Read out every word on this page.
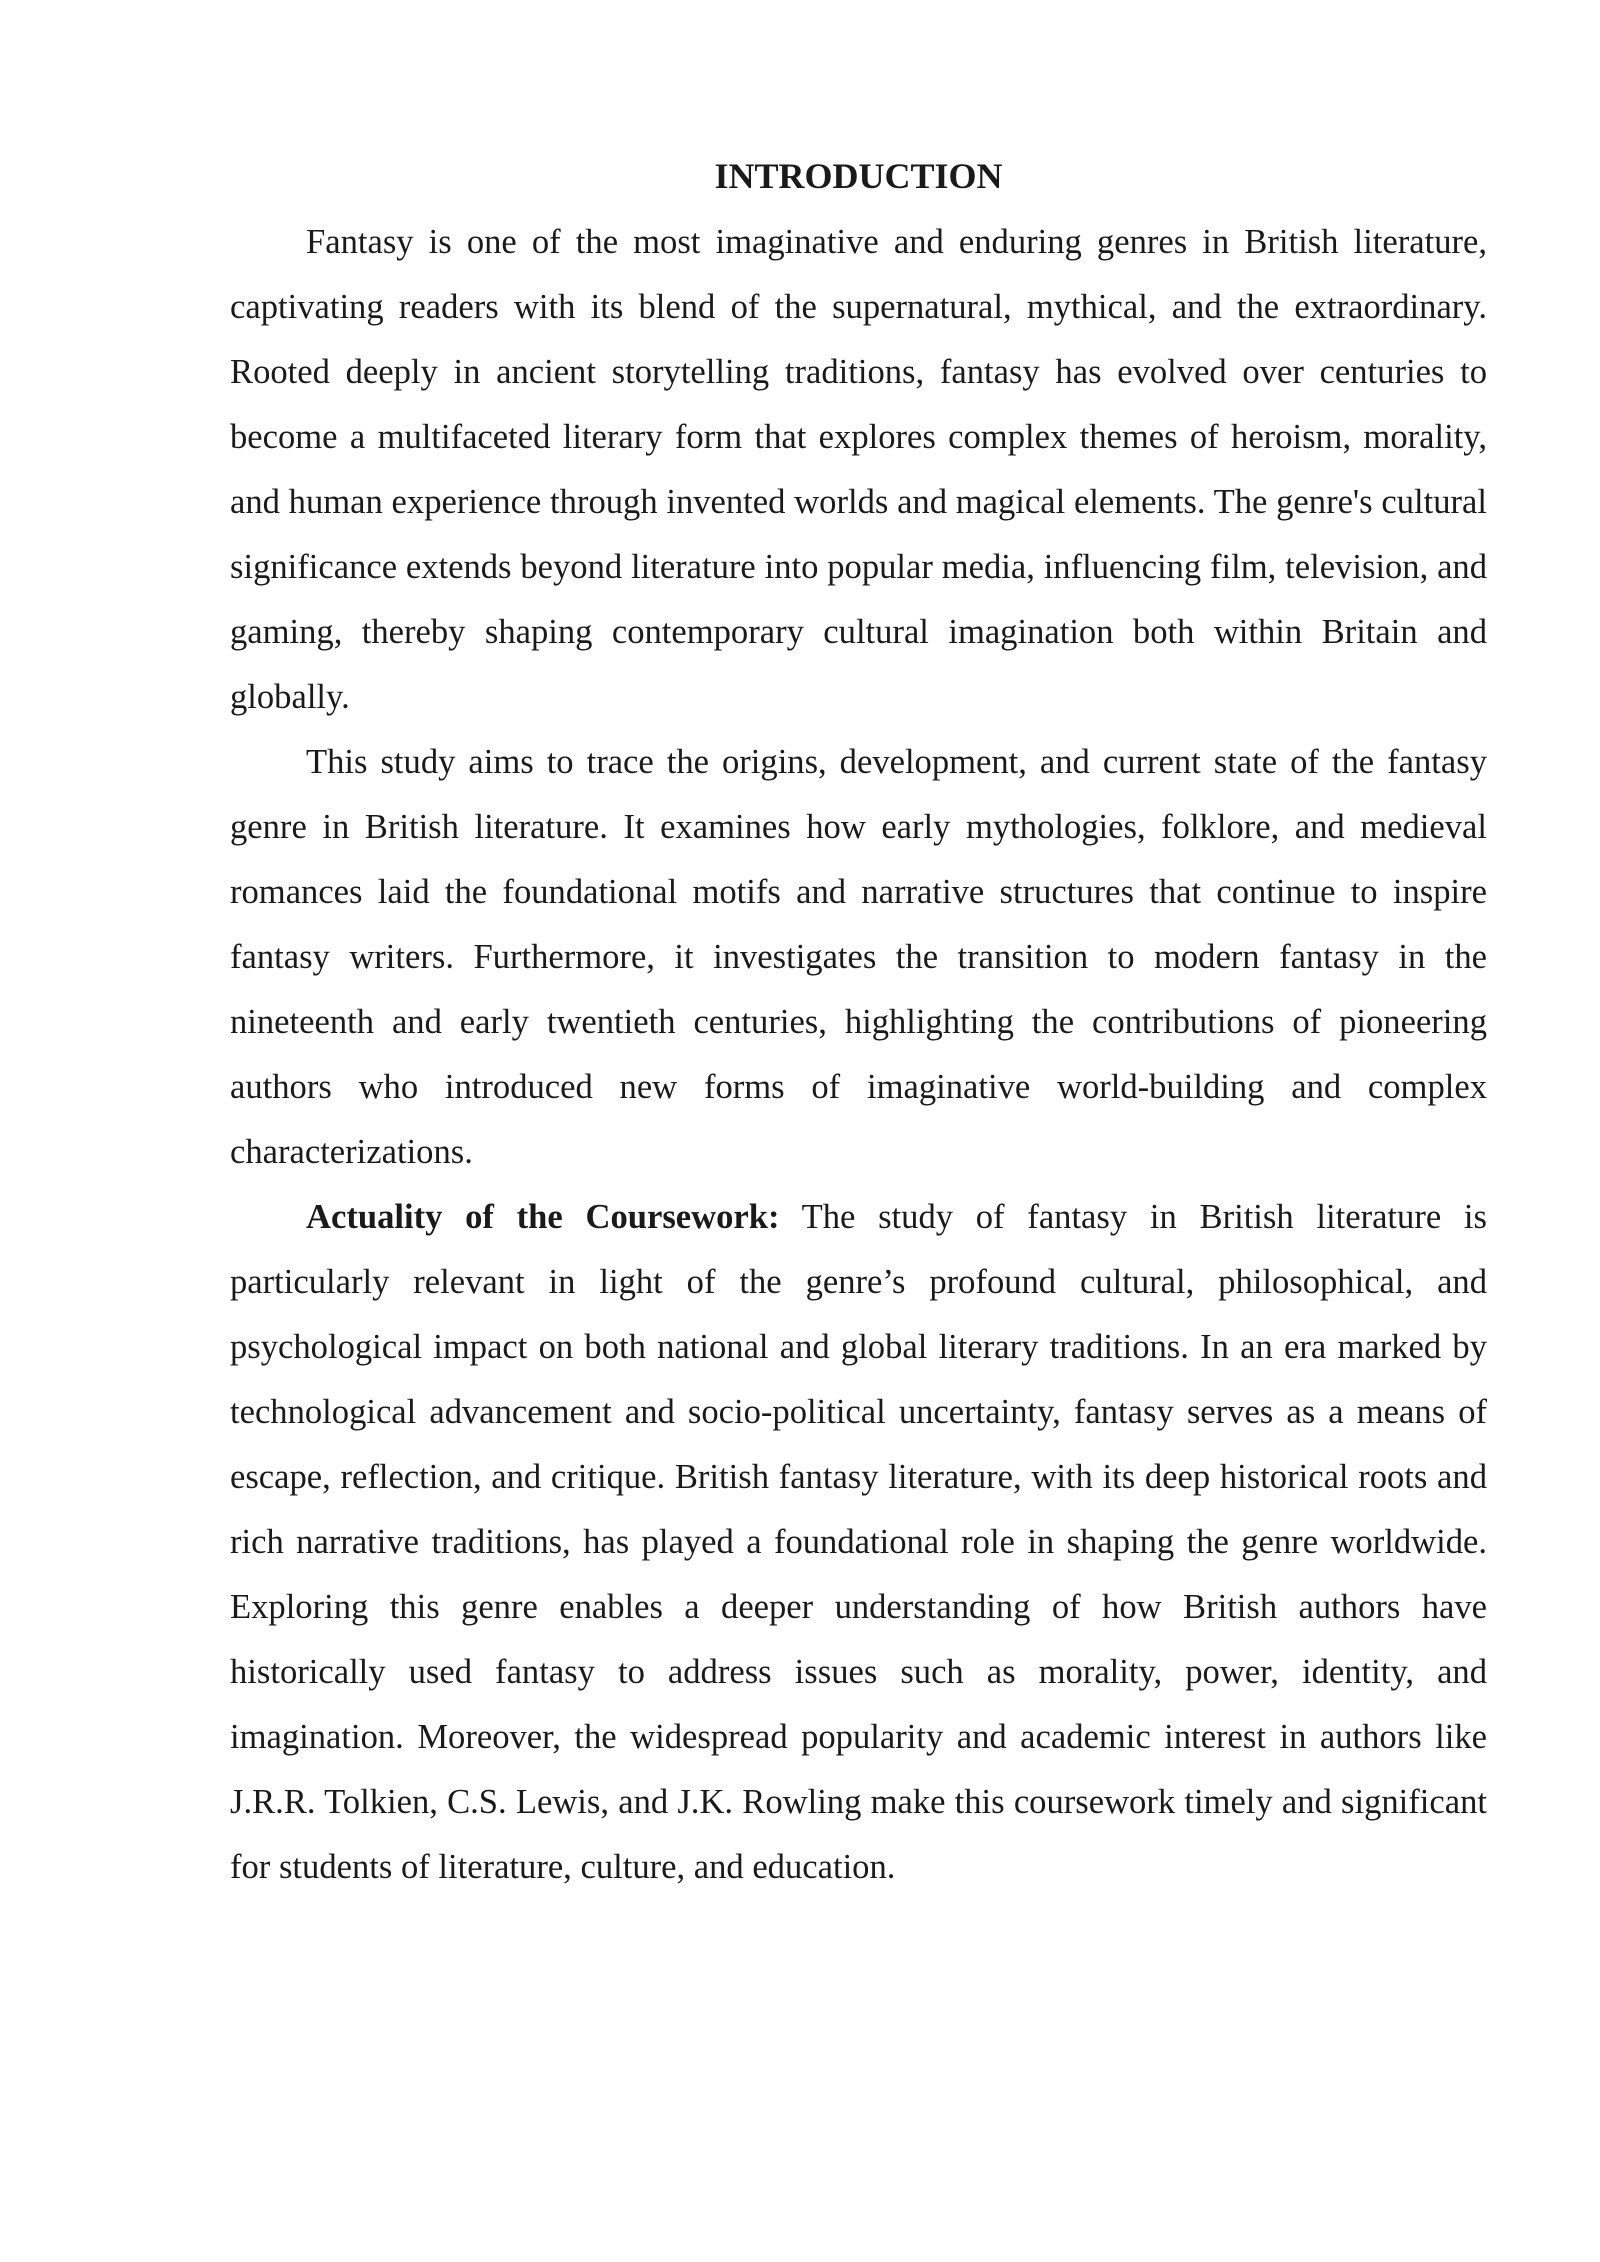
INTRODUCTION

Fantasy is one of the most imaginative and enduring genres in British literature, captivating readers with its blend of the supernatural, mythical, and the extraordinary. Rooted deeply in ancient storytelling traditions, fantasy has evolved over centuries to become a multifaceted literary form that explores complex themes of heroism, morality, and human experience through invented worlds and magical elements. The genre's cultural significance extends beyond literature into popular media, influencing film, television, and gaming, thereby shaping contemporary cultural imagination both within Britain and globally.

This study aims to trace the origins, development, and current state of the fantasy genre in British literature. It examines how early mythologies, folklore, and medieval romances laid the foundational motifs and narrative structures that continue to inspire fantasy writers. Furthermore, it investigates the transition to modern fantasy in the nineteenth and early twentieth centuries, highlighting the contributions of pioneering authors who introduced new forms of imaginative world-building and complex characterizations.

Actuality of the Coursework: The study of fantasy in British literature is particularly relevant in light of the genre’s profound cultural, philosophical, and psychological impact on both national and global literary traditions. In an era marked by technological advancement and socio-political uncertainty, fantasy serves as a means of escape, reflection, and critique. British fantasy literature, with its deep historical roots and rich narrative traditions, has played a foundational role in shaping the genre worldwide. Exploring this genre enables a deeper understanding of how British authors have historically used fantasy to address issues such as morality, power, identity, and imagination. Moreover, the widespread popularity and academic interest in authors like J.R.R. Tolkien, C.S. Lewis, and J.K. Rowling make this coursework timely and significant for students of literature, culture, and education.
